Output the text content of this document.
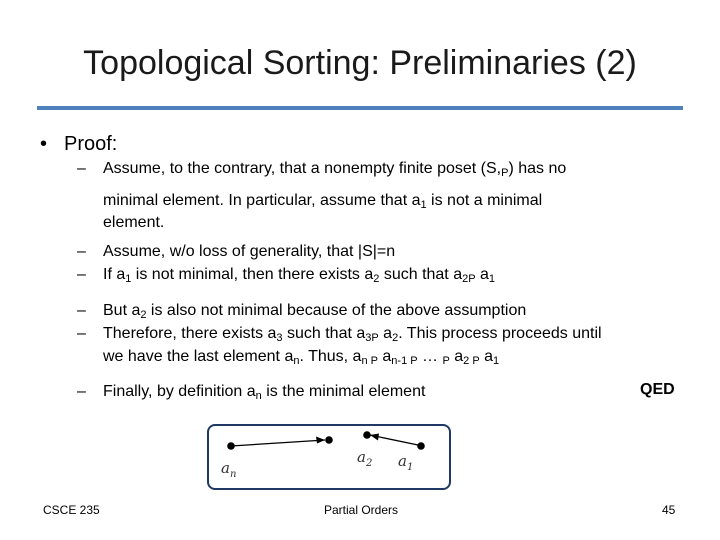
Topological Sorting: Preliminaries (2)
• Proof:
– Assume, to the contrary, that a nonempty finite poset (S,P) has no
minimal element. In particular, assume that $a_1$ is not a minimal
element.
– Assume, w/o loss of generality, that |S|=n
– If $a_1$ is not minimal, then there exists $a_2$ such that $a_{2P}$ $a_1$
– But $a_2$ is also not minimal because of the above assumption
– Therefore, there exists $a_3$ such that $a_{3P}$ $a_2$. This process proceeds until
we have the last element $a_n$. Thus, $a_{n P}$ $a_{n-1 P}$ … $_P$ $a_{2 P}$ $a_1$
– Finally, by definition $a_n$ is the minimal element	QED
$a_n$
$a_2$ $a_1$
CSCE 235	Partial Orders	45
